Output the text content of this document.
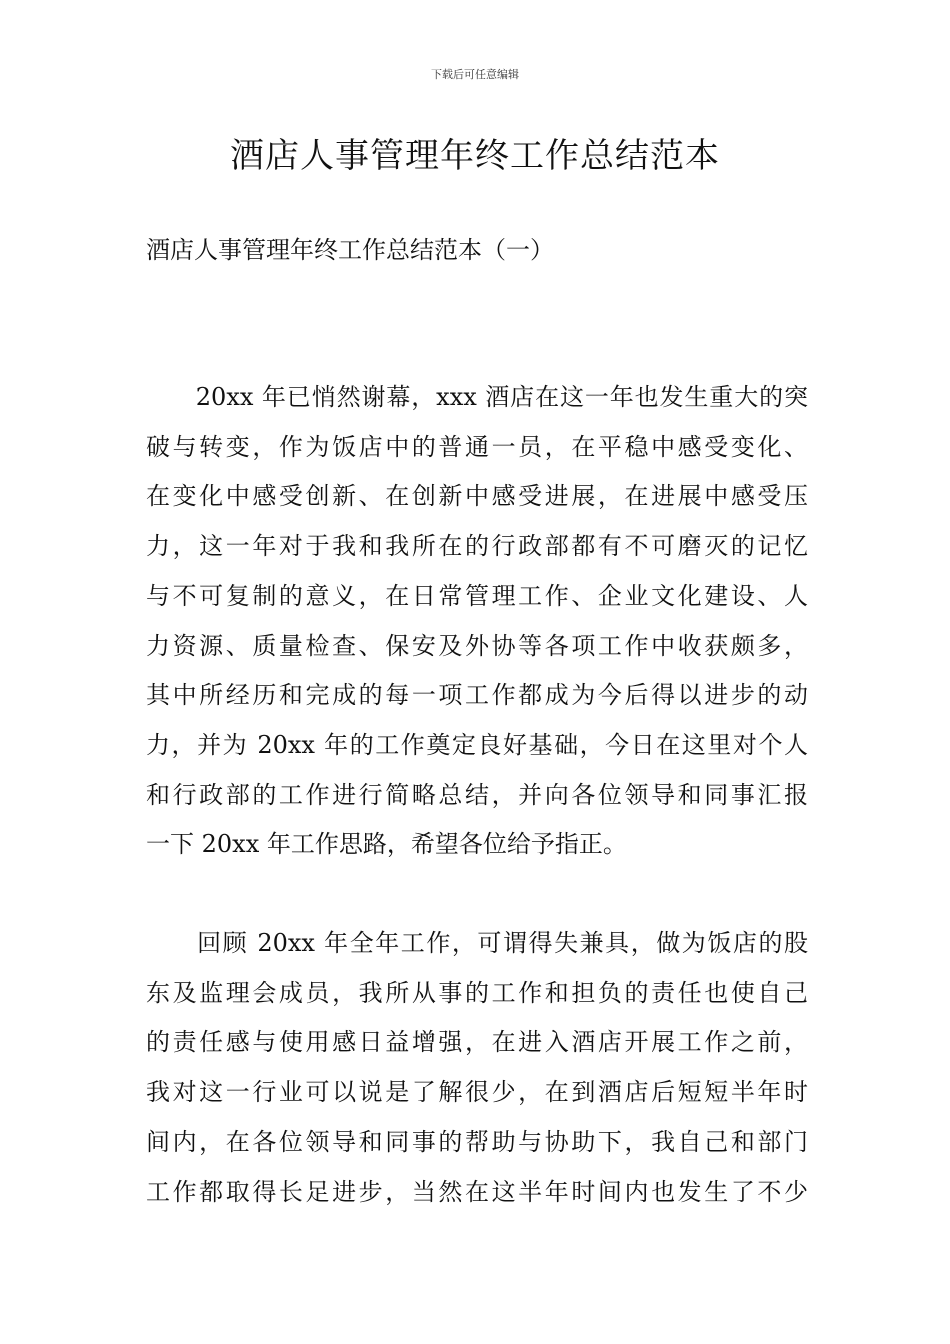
下载后可任意编辑
酒店人事管理年终工作总结范本
酒店人事管理年终工作总结范本（一）
　　20xx 年已悄然谢幕，xxx 酒店在这一年也发生重大的突
破与转变，作为饭店中的普通一员，在平稳中感受变化、
在变化中感受创新、在创新中感受进展，在进展中感受压
力，这一年对于我和我所在的行政部都有不可磨灭的记忆
与不可复制的意义，在日常管理工作、企业文化建设、人
力资源、质量检查、保安及外协等各项工作中收获颇多，
其中所经历和完成的每一项工作都成为今后得以进步的动
力，并为 20xx 年的工作奠定良好基础，今日在这里对个人
和行政部的工作进行简略总结，并向各位领导和同事汇报
一下 20xx 年工作思路，希望各位给予指正。
　　回顾 20xx 年全年工作，可谓得失兼具，做为饭店的股
东及监理会成员，我所从事的工作和担负的责任也使自己
的责任感与使用感日益增强，在进入酒店开展工作之前，
我对这一行业可以说是了解很少，在到酒店后短短半年时
间内，在各位领导和同事的帮助与协助下，我自己和部门
工作都取得长足进步，当然在这半年时间内也发生了不少
